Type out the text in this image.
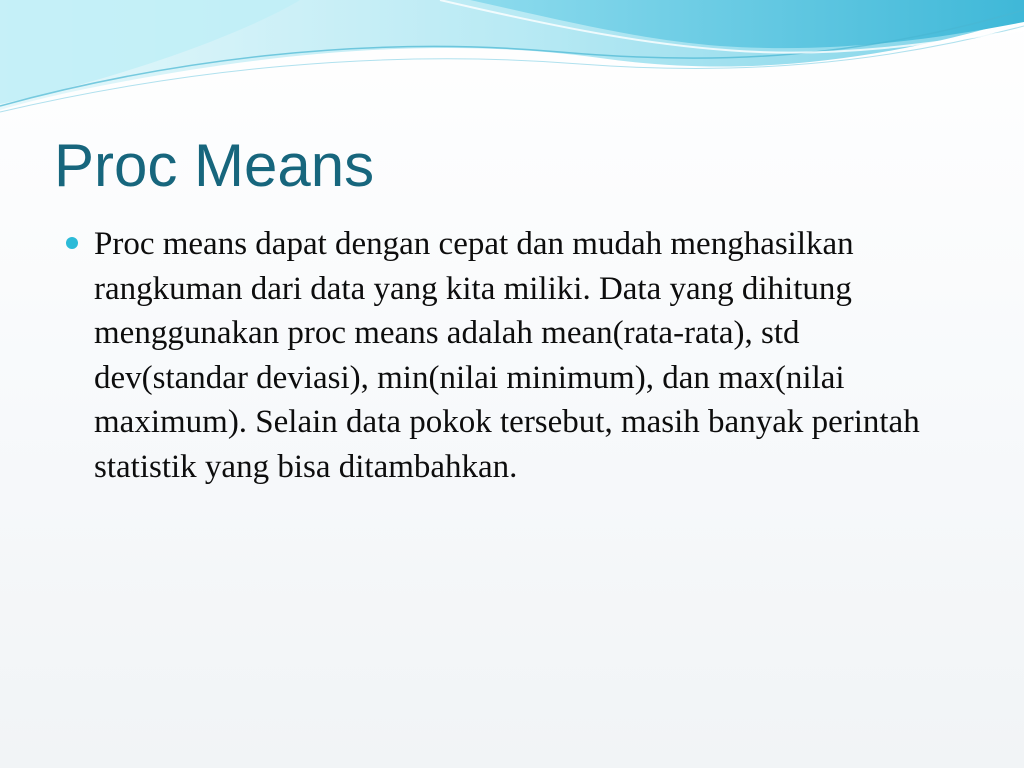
Proc Means
Proc means dapat dengan cepat dan mudah menghasilkan rangkuman dari data yang kita miliki. Data yang dihitung menggunakan proc means adalah mean(rata-rata), std dev(standar deviasi), min(nilai minimum), dan max(nilai maximum). Selain data pokok tersebut, masih banyak perintah statistik yang bisa ditambahkan.
